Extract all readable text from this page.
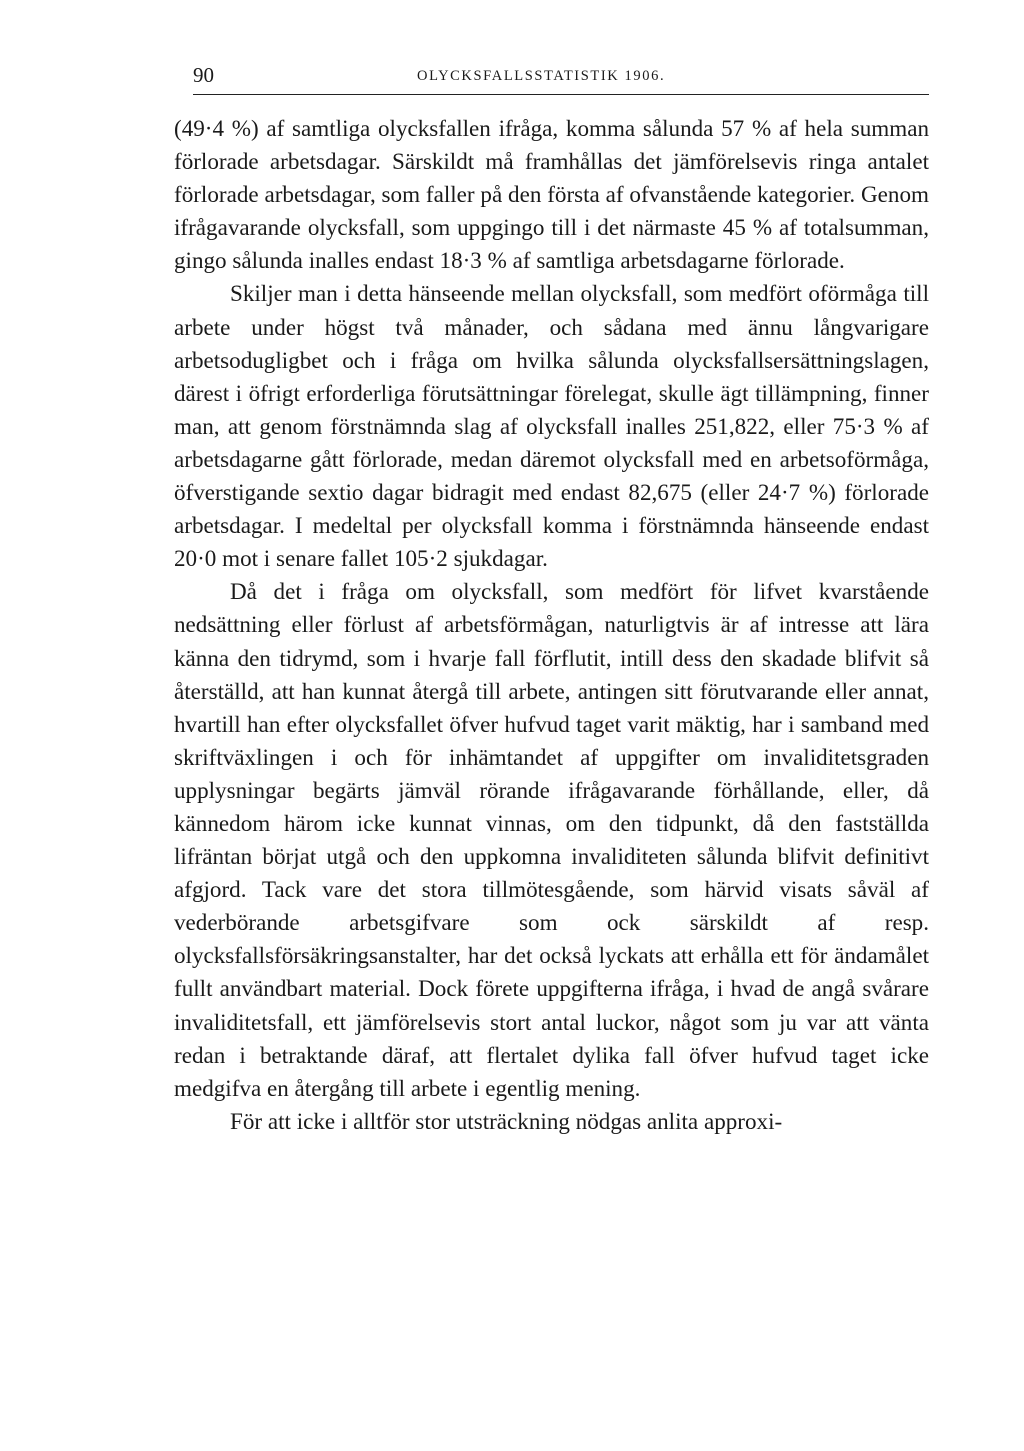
90	OLYCKSFALLSSTATISTIK 1906.

(49·4 %) af samtliga olycksfallen ifråga, komma sålunda 57 % af hela summan förlorade arbetsdagar. Särskildt må framhållas det jämförelsevis ringa antalet förlorade arbetsdagar, som faller på den första af ofvanstående kategorier. Genom ifrågavarande olycksfall, som uppgingo till i det närmaste 45 % af totalsumman, gingo sålunda inalles endast 18·3 % af samtliga arbetsdagarne förlorade.

Skiljer man i detta hänseende mellan olycksfall, som medfört oförmåga till arbete under högst två månader, och sådana med ännu långvarigare arbetsodugligbet och i fråga om hvilka sålunda olycksfallsersättningslagen, därest i öfrigt erforderliga förutsättningar förelegat, skulle ägt tillämpning, finner man, att genom förstnämnda slag af olycksfall inalles 251,822, eller 75·3 % af arbetsdagarne gått förlorade, medan däremot olycksfall med en arbetsoförmåga, öfverstigande sextio dagar bidragit med endast 82,675 (eller 24·7 %) förlorade arbetsdagar. I medeltal per olycksfall komma i förstnämnda hänseende endast 20·0 mot i senare fallet 105·2 sjukdagar.

Då det i fråga om olycksfall, som medfört för lifvet kvarstående nedsättning eller förlust af arbetsförmågan, naturligtvis är af intresse att lära känna den tidrymd, som i hvarje fall förflutit, intill dess den skadade blifvit så återställd, att han kunnat återgå till arbete, antingen sitt förutvarande eller annat, hvartill han efter olycksfallet öfver hufvud taget varit mäktig, har i samband med skriftväxlingen i och för inhämtandet af uppgifter om invaliditetsgraden upplysningar begärts jämväl rörande ifrågavarande förhållande, eller, då kännedom härom icke kunnat vinnas, om den tidpunkt, då den fastställda lifräntan börjat utgå och den uppkomna invaliditeten sålunda blifvit definitivt afgjord. Tack vare det stora tillmötesgående, som härvid visats såväl af vederbörande arbetsgifvare som ock särskildt af resp. olycksfallsförsäkringsanstalter, har det också lyckats att erhålla ett för ändamålet fullt användbart material. Dock förete uppgifterna ifråga, i hvad de angå svårare invaliditetsfall, ett jämförelsevis stort antal luckor, något som ju var att vänta redan i betraktande däraf, att flertalet dylika fall öfver hufvud taget icke medgifva en återgång till arbete i egentlig mening.

För att icke i alltför stor utsträckning nödgas anlita approxi-
